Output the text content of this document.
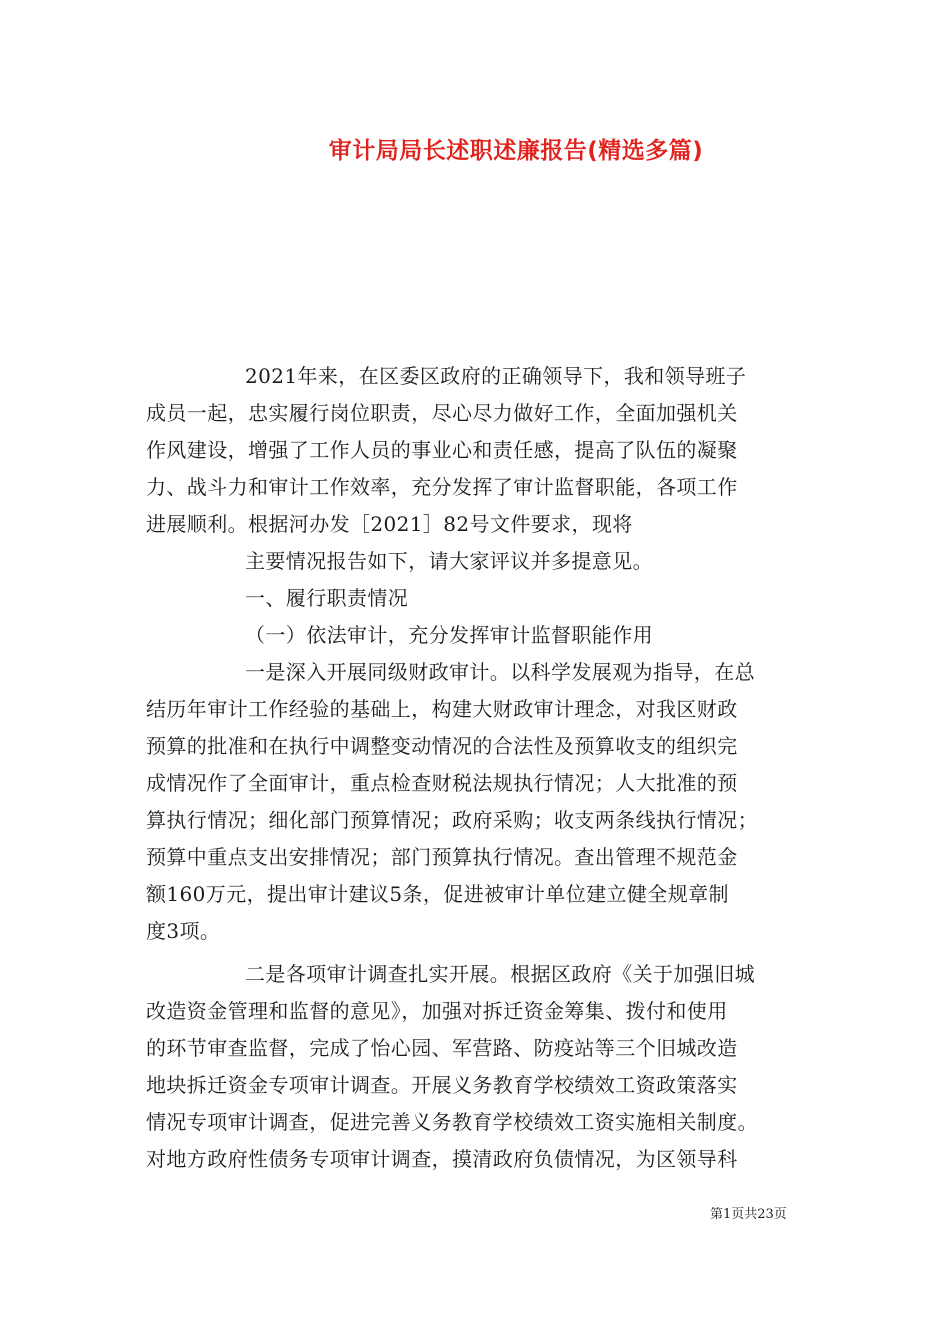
审计局局长述职述廉报告(精选多篇)
2021年来，在区委区政府的正确领导下，我和领导班子
成员一起，忠实履行岗位职责，尽心尽力做好工作，全面加强机关
作风建设，增强了工作人员的事业心和责任感，提高了队伍的凝聚
力、战斗力和审计工作效率，充分发挥了审计监督职能，各项工作
进展顺利。根据河办发［2021］82号文件要求，现将
主要情况报告如下，请大家评议并多提意见。
一、履行职责情况
（一）依法审计，充分发挥审计监督职能作用
一是深入开展同级财政审计。以科学发展观为指导，在总
结历年审计工作经验的基础上，构建大财政审计理念，对我区财政
预算的批准和在执行中调整变动情况的合法性及预算收支的组织完
成情况作了全面审计，重点检查财税法规执行情况；人大批准的预
算执行情况；细化部门预算情况；政府采购；收支两条线执行情况；
预算中重点支出安排情况；部门预算执行情况。查出管理不规范金
额160万元，提出审计建议5条，促进被审计单位建立健全规章制
度3项。
二是各项审计调查扎实开展。根据区政府《关于加强旧城
改造资金管理和监督的意见》，加强对拆迁资金筹集、拨付和使用
的环节审查监督，完成了怡心园、军营路、防疫站等三个旧城改造
地块拆迁资金专项审计调查。开展义务教育学校绩效工资政策落实
情况专项审计调查，促进完善义务教育学校绩效工资实施相关制度。
对地方政府性债务专项审计调查，摸清政府负债情况，为区领导科
第1页共23页
